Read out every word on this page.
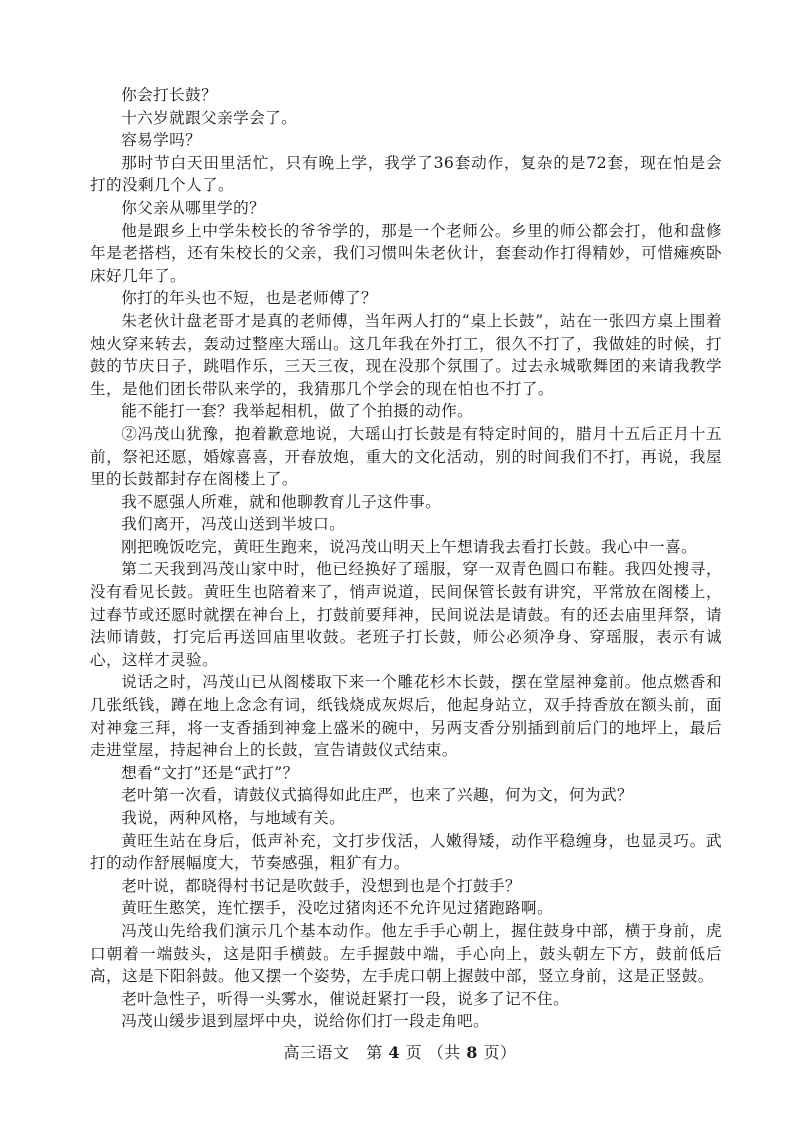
你会打长鼓？

十六岁就跟父亲学会了。

容易学吗？

那时节白天田里活忙，只有晚上学，我学了36套动作，复杂的是72套，现在怕是会打的没剩几个人了。

你父亲从哪里学的？

他是跟乡上中学朱校长的爷爷学的，那是一个老师公。乡里的师公都会打，他和盘修年是老搭档，还有朱校长的父亲，我们习惯叫朱老伙计，套套动作打得精妙，可惜瘫痪卧床好几年了。

你打的年头也不短，也是老师傅了？

朱老伙计盘老哥才是真的老师傅，当年两人打的“桌上长鼓”，站在一张四方桌上围着烛火穿来转去，轰动过整座大瑶山。这几年我在外打工，很久不打了，我做娃的时候，打鼓的节庆日子，跳唱作乐，三天三夜，现在没那个氛围了。过去永城歌舞团的来请我教学生，是他们团长带队来学的，我猜那几个学会的现在怕也不打了。

能不能打一套？我举起相机，做了个拍摄的动作。

②冯茂山犹豫，抱着歉意地说，大瑶山打长鼓是有特定时间的，腊月十五后正月十五前，祭祀还愿，婚嫁喜喜，开春放炮，重大的文化活动，别的时间我们不打，再说，我屋里的长鼓都封存在阁楼上了。

我不愿强人所难，就和他聊教育儿子这件事。

我们离开，冯茂山送到半坡口。

刚把晚饭吃完，黄旺生跑来，说冯茂山明天上午想请我去看打长鼓。我心中一喜。

第二天我到冯茂山家中时，他已经换好了瑶服，穿一双青色圆口布鞋。我四处搜寻，没有看见长鼓。黄旺生也陪着来了，悄声说道，民间保管长鼓有讲究，平常放在阁楼上，过春节或还愿时就摆在神台上，打鼓前要拜神，民间说法是请鼓。有的还去庙里拜祭，请法师请鼓，打完后再送回庙里收鼓。老班子打长鼓，师公必须净身、穿瑶服，表示有诚心，这样才灵验。

说话之时，冯茂山已从阁楼取下来一个雕花杉木长鼓，摆在堂屋神龛前。他点燃香和几张纸钱，蹲在地上念念有词，纸钱烧成灰烬后，他起身站立，双手持香放在额头前，面对神龛三拜，将一支香插到神龛上盛米的碗中，另两支香分别插到前后门的地坪上，最后走进堂屋，持起神台上的长鼓，宣告请鼓仪式结束。

想看“文打”还是“武打”？

老叶第一次看，请鼓仪式搞得如此庄严，也来了兴趣，何为文，何为武？

我说，两种风格，与地域有关。

黄旺生站在身后，低声补充，文打步伐活，人嫩得矮，动作平稳缠身，也显灵巧。武打的动作舒展幅度大，节奏感强，粗犷有力。

老叶说，都晓得村书记是吹鼓手，没想到也是个打鼓手？

黄旺生憨笑，连忙摆手，没吃过猪肉还不允许见过猪跑路啊。

冯茂山先给我们演示几个基本动作。他左手手心朝上，握住鼓身中部，横于身前，虎口朝着一端鼓头，这是阳手横鼓。左手握鼓中端，手心向上，鼓头朝左下方，鼓前低后高，这是下阳斜鼓。他又摆一个姿势，左手虎口朝上握鼓中部，竖立身前，这是正竖鼓。

老叶急性子，听得一头雾水，催说赶紧打一段，说多了记不住。

冯茂山缓步退到屋坪中央，说给你们打一段走角吧。

高三语文 第 4 页 （共 8 页）
